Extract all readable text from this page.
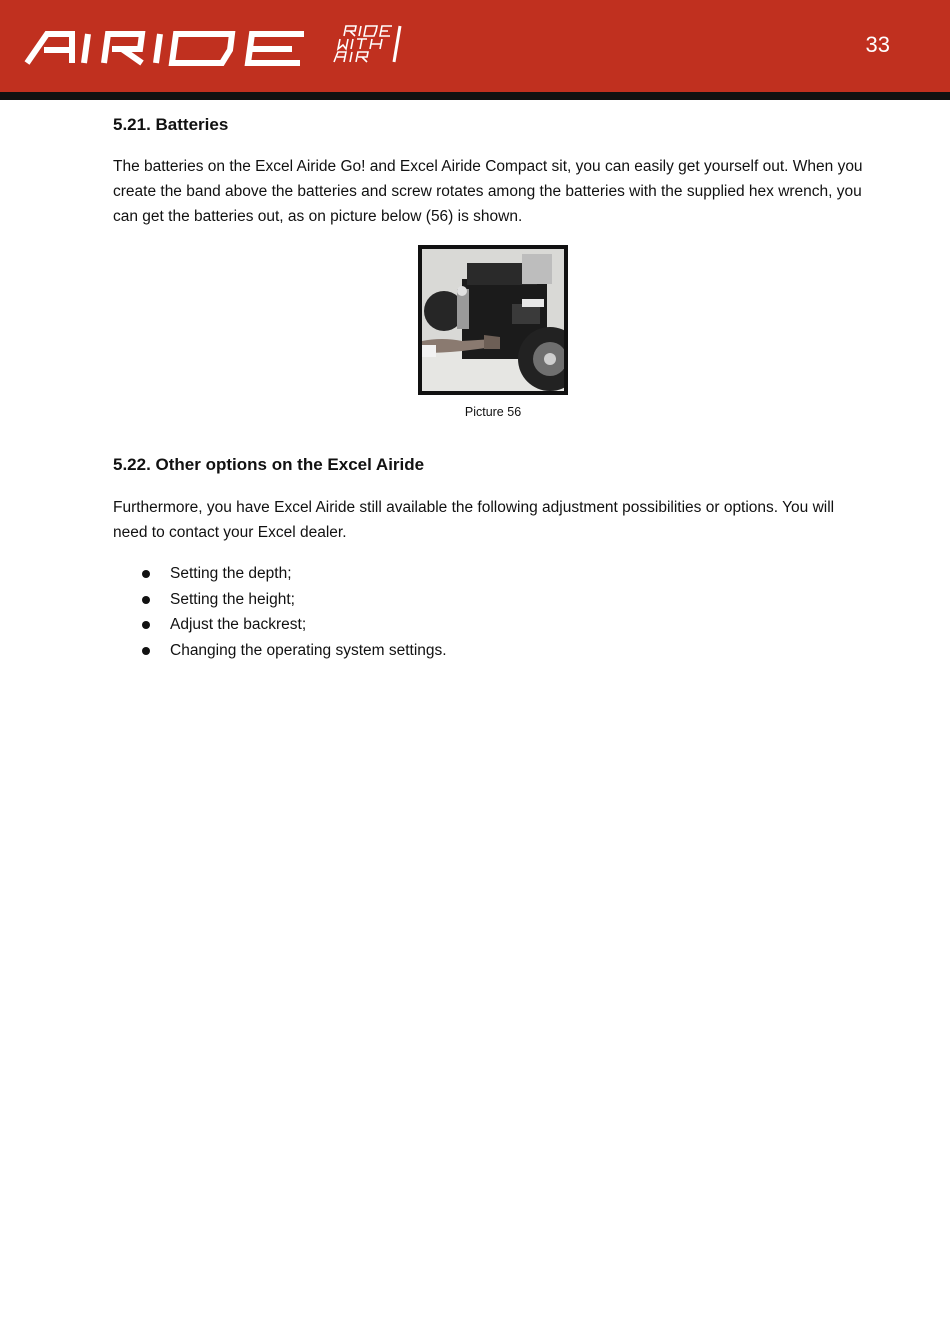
33
5.21. Batteries

The batteries on the Excel Airide Go! and Excel Airide Compact sit, you can easily get yourself out. When you create the band above the batteries and screw rotates among the batteries with the supplied hex wrench, you can get the batteries out, as on picture below (56) is shown.

Picture 56
5.22. Other options on the Excel Airide

Furthermore, you have Excel Airide still available the following adjustment possibilities or options. You will need to contact your Excel dealer.

Setting the depth;
Setting the height;
Adjust the backrest;
Changing the operating system settings.
